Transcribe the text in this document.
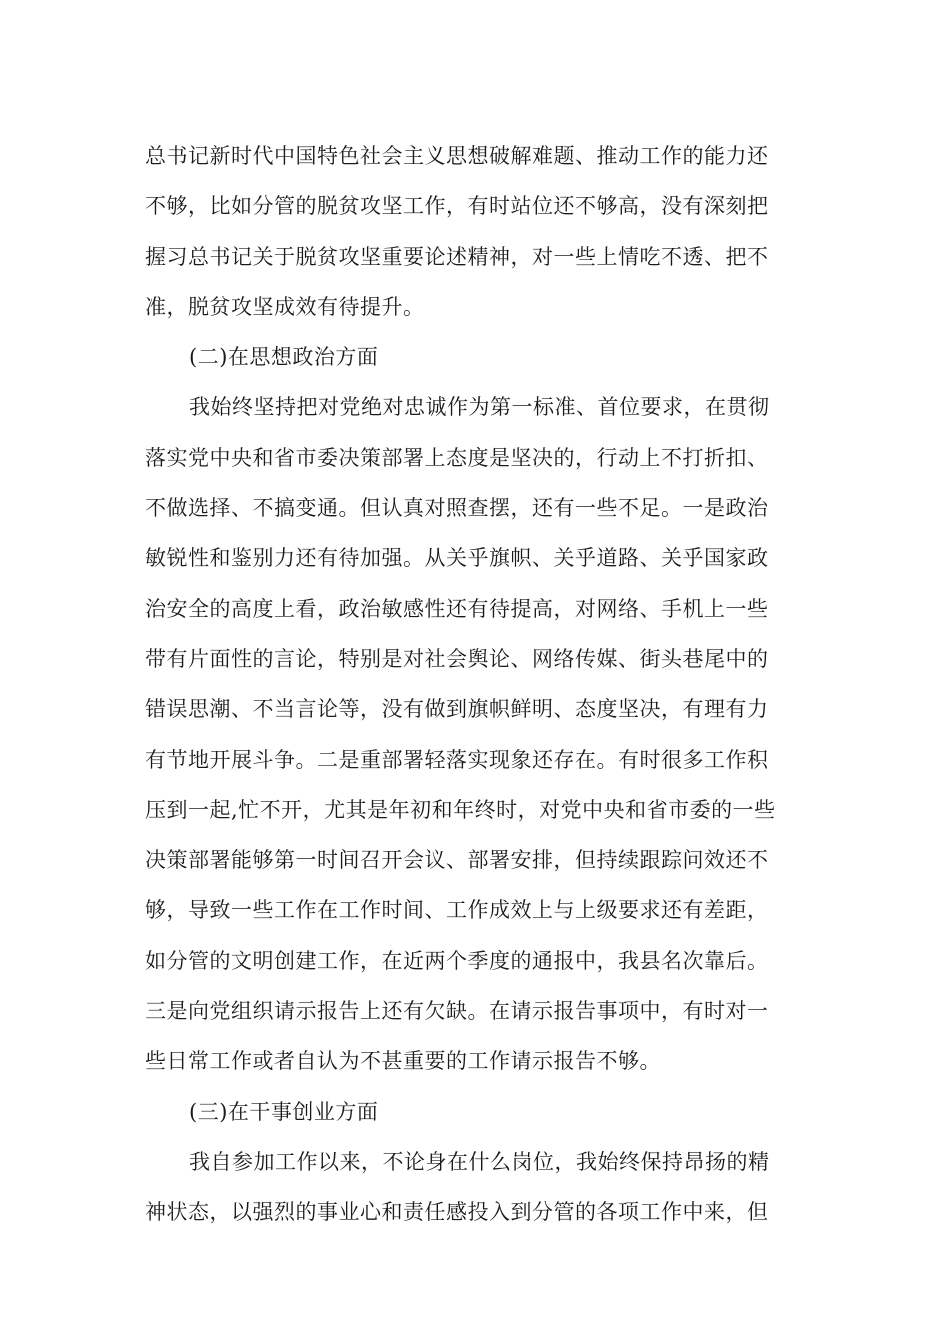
总书记新时代中国特色社会主义思想破解难题、推动工作的能力还
不够，比如分管的脱贫攻坚工作，有时站位还不够高，没有深刻把
握习总书记关于脱贫攻坚重要论述精神，对一些上情吃不透、把不
准，脱贫攻坚成效有待提升。
(二)在思想政治方面
我始终坚持把对党绝对忠诚作为第一标准、首位要求，在贯彻
落实党中央和省市委决策部署上态度是坚决的，行动上不打折扣、
不做选择、不搞变通。但认真对照查摆，还有一些不足。一是政治
敏锐性和鉴别力还有待加强。从关乎旗帜、关乎道路、关乎国家政
治安全的高度上看，政治敏感性还有待提高，对网络、手机上一些
带有片面性的言论，特别是对社会舆论、网络传媒、街头巷尾中的
错误思潮、不当言论等，没有做到旗帜鲜明、态度坚决，有理有力
有节地开展斗争。二是重部署轻落实现象还存在。有时很多工作积
压到一起,忙不开，尤其是年初和年终时，对党中央和省市委的一些
决策部署能够第一时间召开会议、部署安排，但持续跟踪问效还不
够，导致一些工作在工作时间、工作成效上与上级要求还有差距，
如分管的文明创建工作，在近两个季度的通报中，我县名次靠后。
三是向党组织请示报告上还有欠缺。在请示报告事项中，有时对一
些日常工作或者自认为不甚重要的工作请示报告不够。
(三)在干事创业方面
我自参加工作以来，不论身在什么岗位，我始终保持昂扬的精
神状态，以强烈的事业心和责任感投入到分管的各项工作中来，但
